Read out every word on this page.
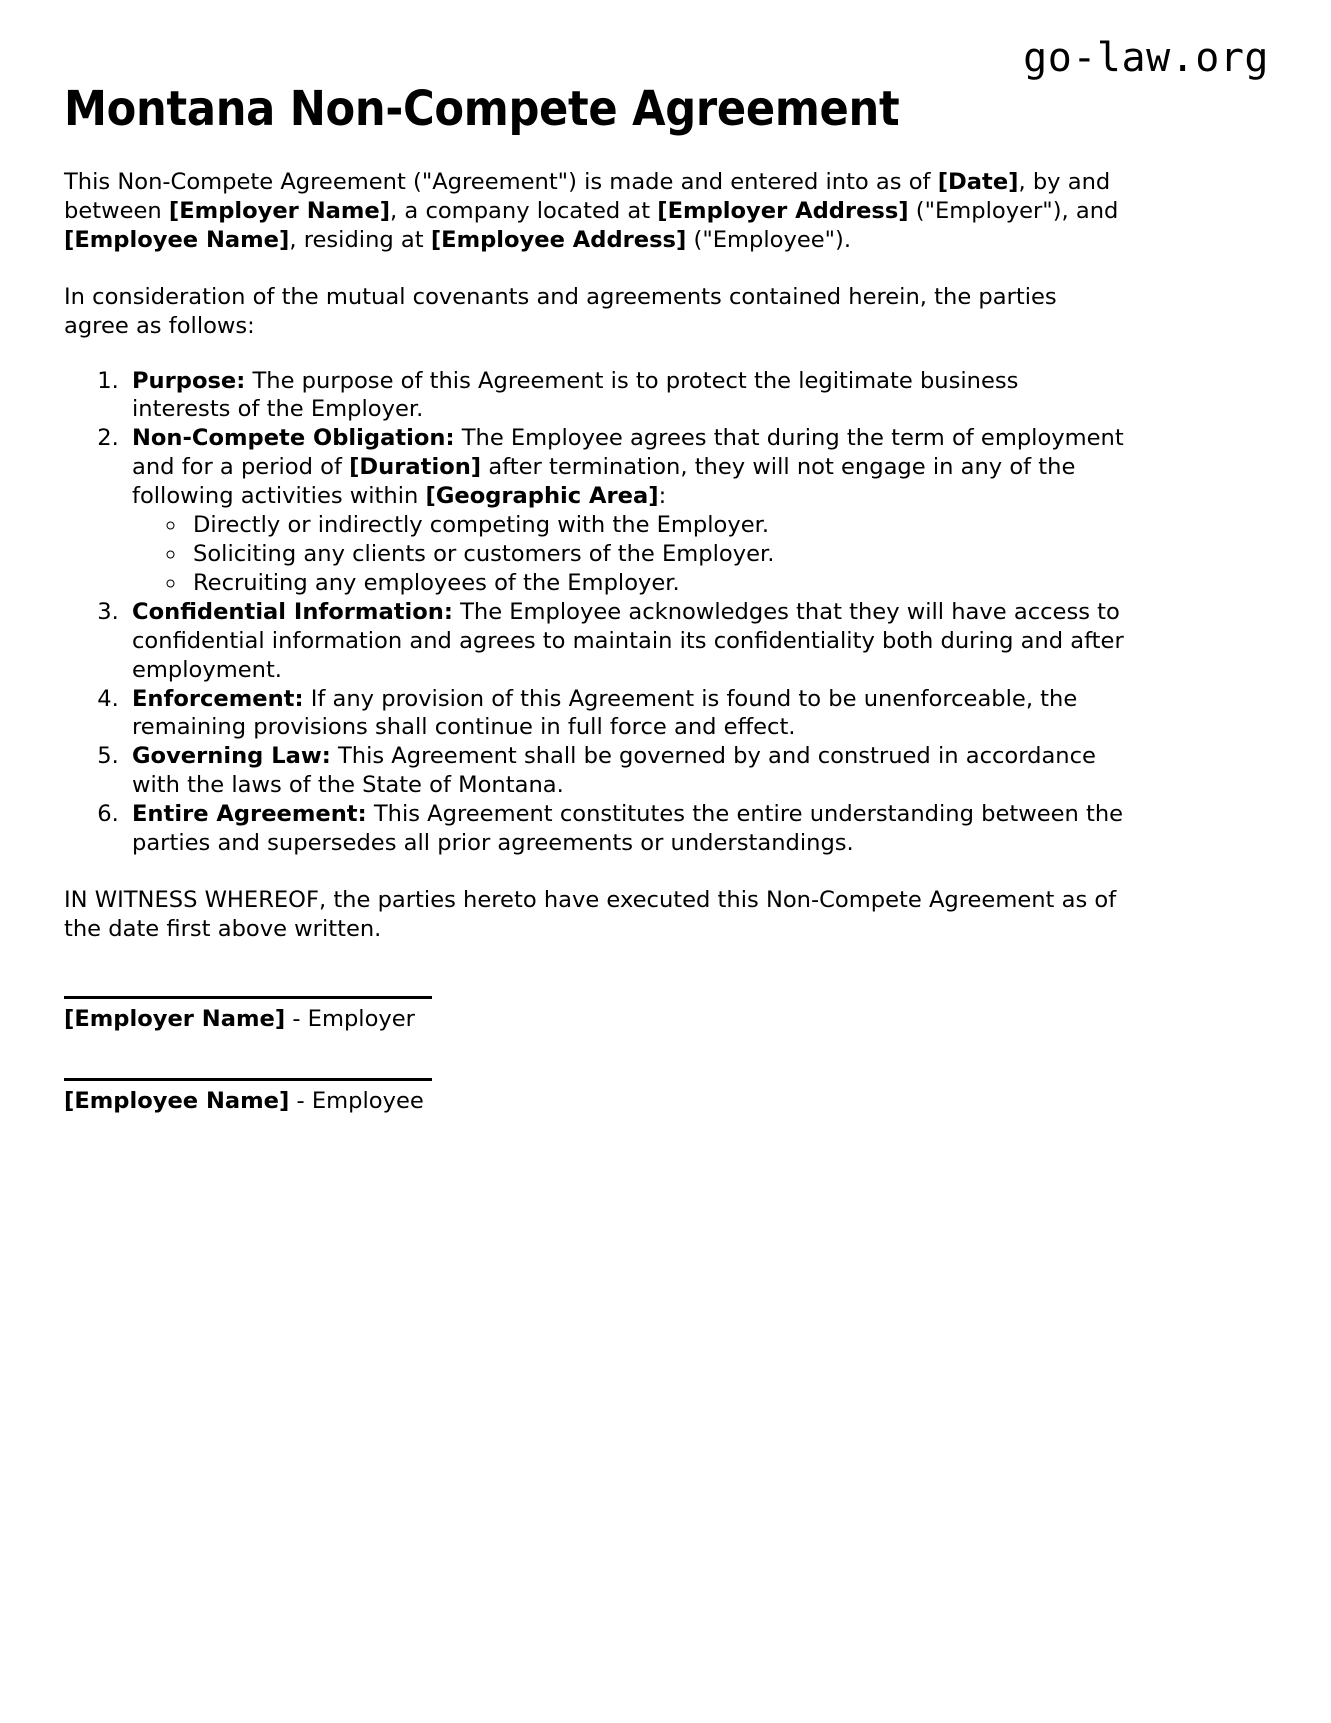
go-law.org
Montana Non-Compete Agreement

This Non-Compete Agreement ("Agreement") is made and entered into as of [Date], by and between [Employer Name], a company located at [Employer Address] ("Employer"), and [Employee Name], residing at [Employee Address] ("Employee").

In consideration of the mutual covenants and agreements contained herein, the parties agree as follows:

1. Purpose: The purpose of this Agreement is to protect the legitimate business interests of the Employer.
2. Non-Compete Obligation: The Employee agrees that during the term of employment and for a period of [Duration] after termination, they will not engage in any of the following activities within [Geographic Area]:
◦ Directly or indirectly competing with the Employer.
◦ Soliciting any clients or customers of the Employer.
◦ Recruiting any employees of the Employer.
3. Confidential Information: The Employee acknowledges that they will have access to confidential information and agrees to maintain its confidentiality both during and after employment.
4. Enforcement: If any provision of this Agreement is found to be unenforceable, the remaining provisions shall continue in full force and effect.
5. Governing Law: This Agreement shall be governed by and construed in accordance with the laws of the State of Montana.
6. Entire Agreement: This Agreement constitutes the entire understanding between the parties and supersedes all prior agreements or understandings.

IN WITNESS WHEREOF, the parties hereto have executed this Non-Compete Agreement as of the date first above written.

[Employer Name] - Employer
[Employee Name] - Employee
